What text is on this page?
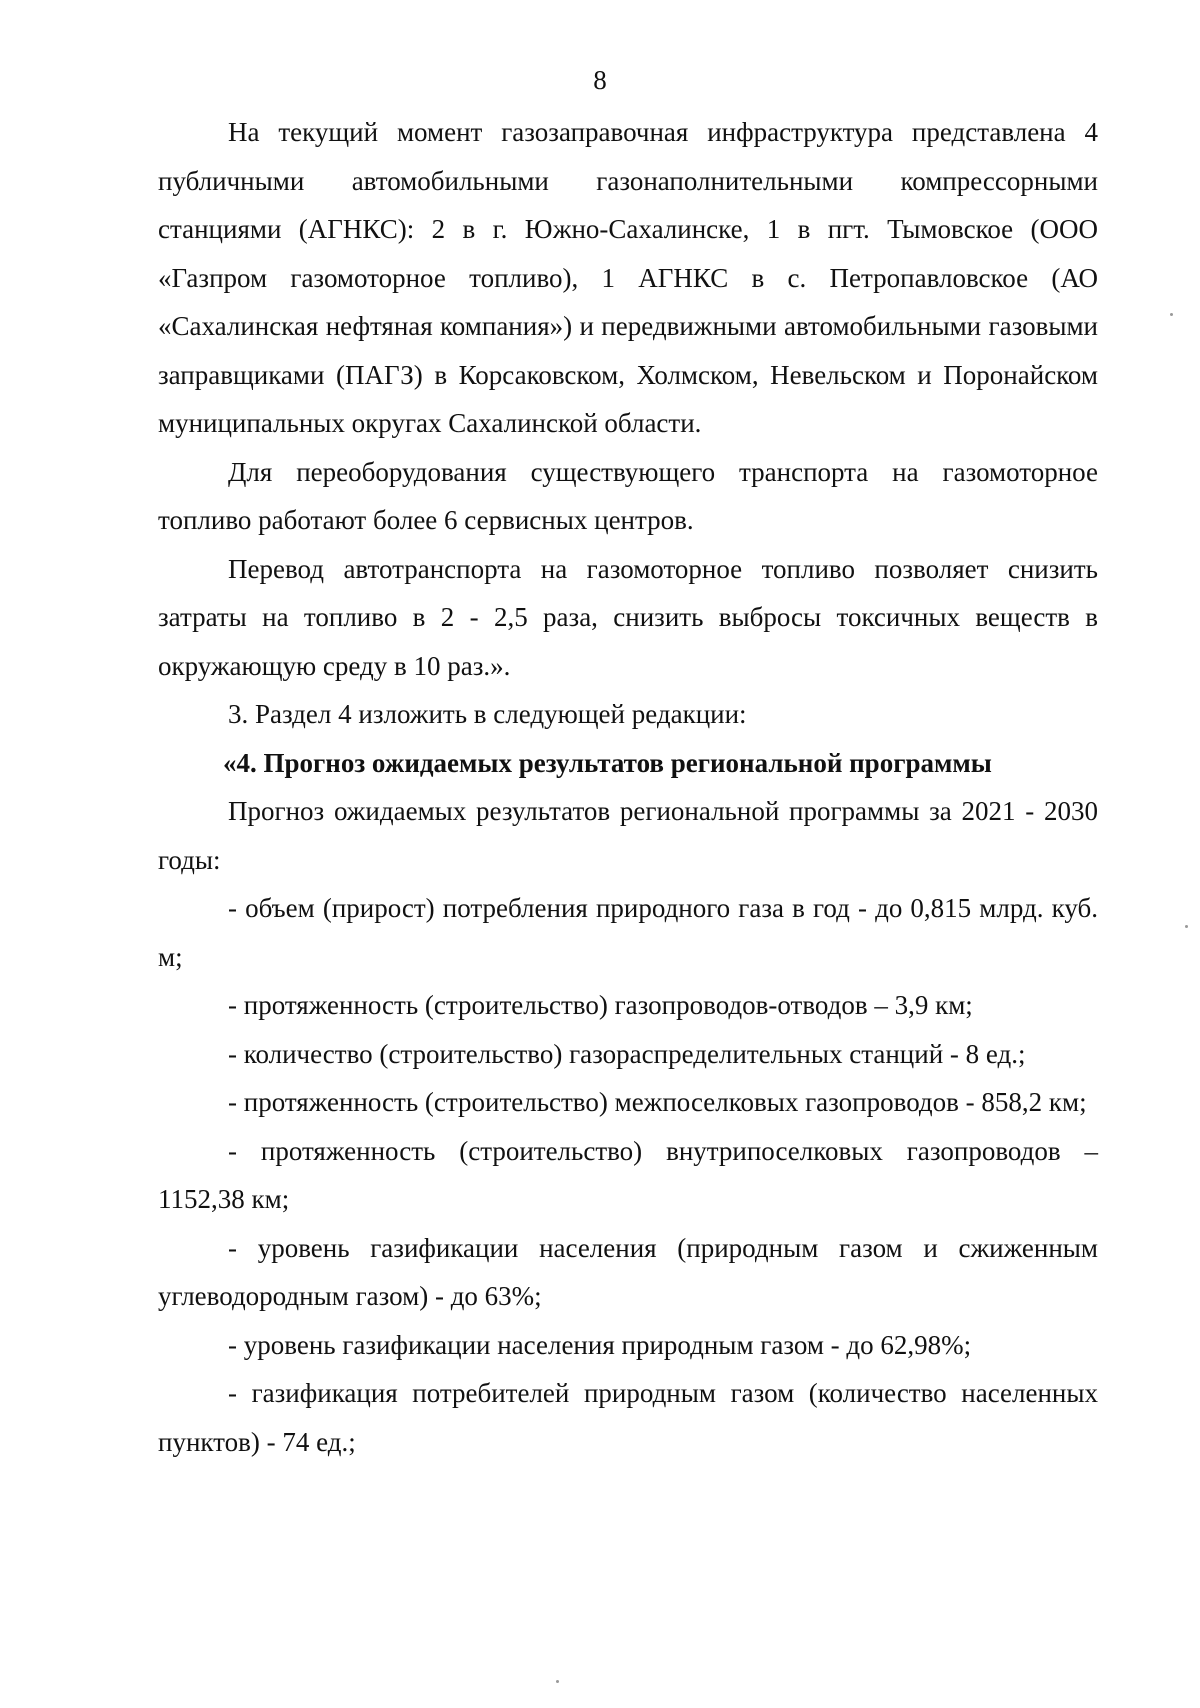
8

На текущий момент газозаправочная инфраструктура представлена 4 публичными автомобильными газонаполнительными компрессорными станциями (АГНКС): 2 в г. Южно-Сахалинске, 1 в пгт. Тымовское (ООО «Газпром газомоторное топливо), 1 АГНКС в с. Петропавловское (АО «Сахалинская нефтяная компания») и передвижными автомобильными газовыми заправщиками (ПАГЗ) в Корсаковском, Холмском, Невельском и Поронайском муниципальных округах Сахалинской области.

Для переоборудования существующего транспорта на газомоторное топливо работают более 6 сервисных центров.

Перевод автотранспорта на газомоторное топливо позволяет снизить затраты на топливо в 2 - 2,5 раза, снизить выбросы токсичных веществ в окружающую среду в 10 раз.».

3. Раздел 4 изложить в следующей редакции:

«4. Прогноз ожидаемых результатов региональной программы

Прогноз ожидаемых результатов региональной программы за 2021 - 2030 годы:

- объем (прирост) потребления природного газа в год - до 0,815 млрд. куб. м;

- протяженность (строительство) газопроводов-отводов – 3,9 км;

- количество (строительство) газораспределительных станций - 8 ед.;

- протяженность (строительство) межпоселковых газопроводов - 858,2 км;

- протяженность (строительство) внутрипоселковых газопроводов – 1152,38 км;

- уровень газификации населения (природным газом и сжиженным углеводородным газом) - до 63%;

- уровень газификации населения природным газом - до 62,98%;

- газификация потребителей природным газом (количество населенных пунктов) - 74 ед.;
